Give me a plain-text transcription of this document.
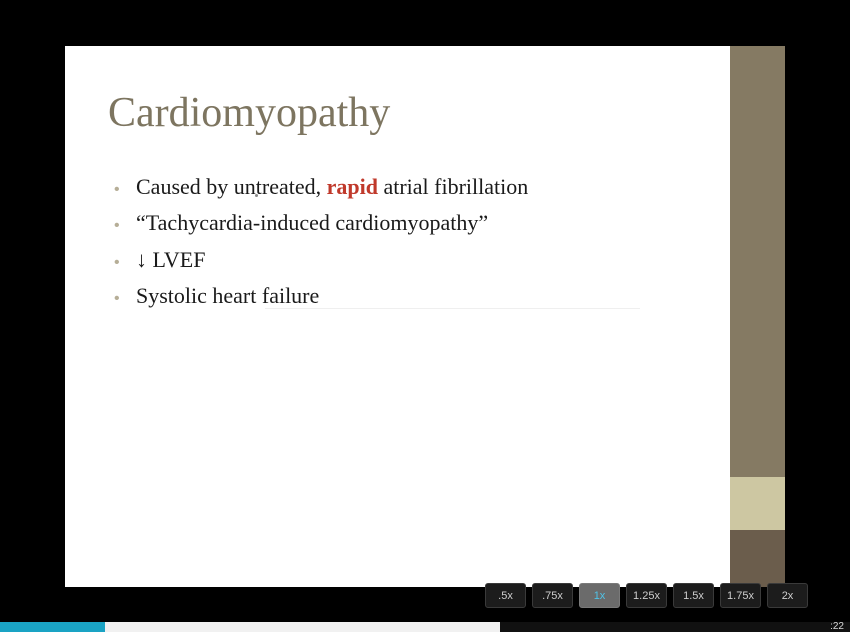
Cardiomyopathy
• Caused by untreated, rapid atrial fibrillation
• “Tachycardia-induced cardiomyopathy”
• ↓ LVEF
• Systolic heart failure
.5x	.75x	1x	1.25x	1.5x	1.75x	2x
:22
